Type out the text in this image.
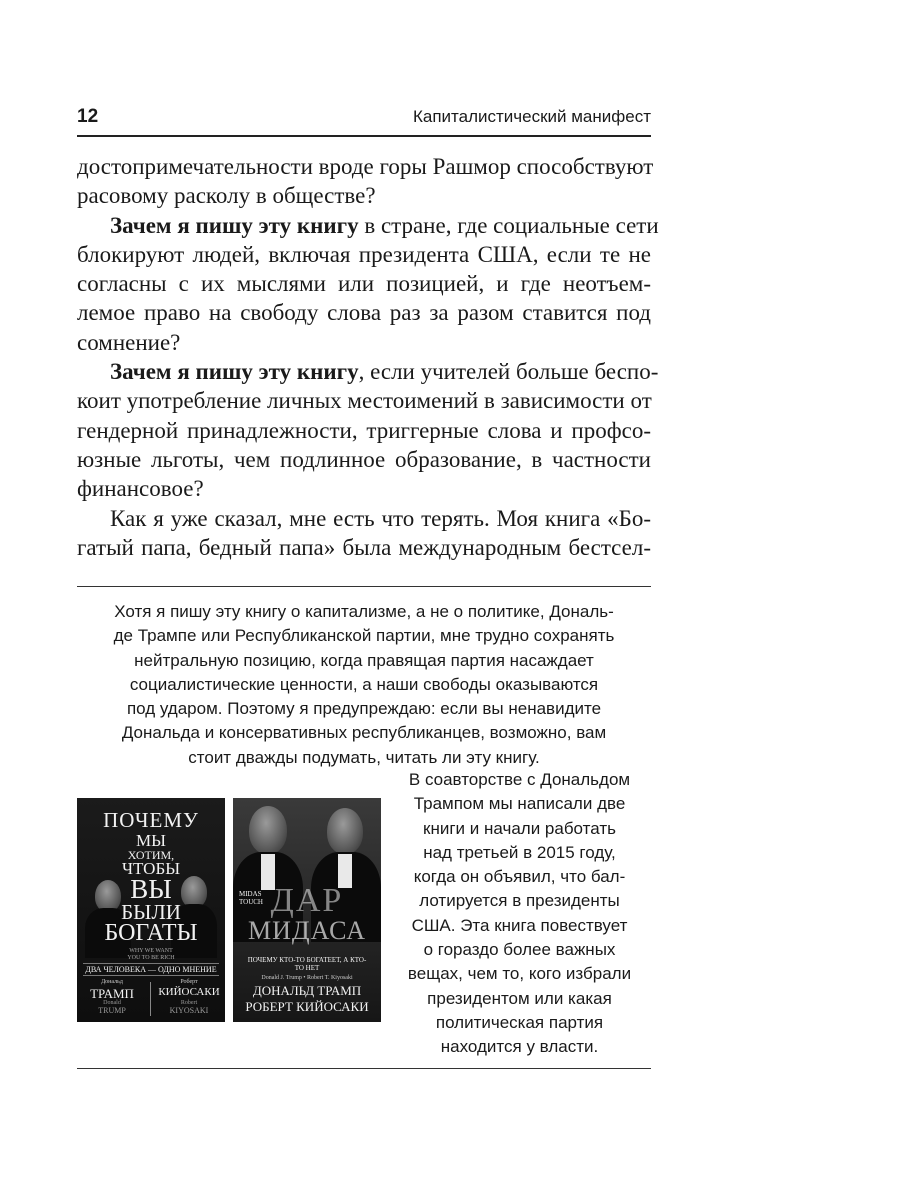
12	Капиталистический манифест

достопримечательности вроде горы Рашмор способствуют
расовому расколу в обществе?

Зачем я пишу эту книгу в стране, где социальные сети
блокируют людей, включая президента США, если те не
согласны с их мыслями или позицией, и где неотъем-
лемое право на свободу слова раз за разом ставится под
сомнение?

Зачем я пишу эту книгу, если учителей больше беспо-
коит употребление личных местоимений в зависимости от
гендерной принадлежности, триггерные слова и профсо-
юзные льготы, чем подлинное образование, в частности
финансовое?

Как я уже сказал, мне есть что терять. Моя книга «Бо-
гатый папа, бедный папа» была международным бестсел-

Хотя я пишу эту книгу о капитализме, а не о политике, Дональ-
де Трампе или Республиканской партии, мне трудно сохранять
нейтральную позицию, когда правящая партия насаждает
социалистические ценности, а наши свободы оказываются
под ударом. Поэтому я предупреждаю: если вы ненавидите
Дональда и консервативных республиканцев, возможно, вам
стоит дважды подумать, читать ли эту книгу.
ПОЧЕМУ
МЫ
ХОТИМ,
ЧТОБЫ
ВЫ
БЫЛИ
БОГАТЫ
WHY WE WANT
YOU TO BE RICH
ДВА ЧЕЛОВЕКА — ОДНО МНЕНИЕ
Дональд
ТРАМП
Donald
TRUMP
Роберт
КИЙОСАКИ
Robert
KIYOSAKI
MIDAS
TOUCH ДАР
МИДАСА
ПОЧЕМУ КТО-ТО БОГАТЕЕТ, А КТО-ТО НЕТ
Donald J. Trump • Robert T. Kiyosaki
ДОНАЛЬД ТРАМП
РОБЕРТ КИЙОСАКИ
В соавторстве с Дональдом
Трампом мы написали две
книги и начали работать
над третьей в 2015 году,
когда он объявил, что бал-
лотируется в президенты
США. Эта книга повествует
о гораздо более важных
вещах, чем то, кого избрали
президентом или какая
политическая партия
находится у власти.
